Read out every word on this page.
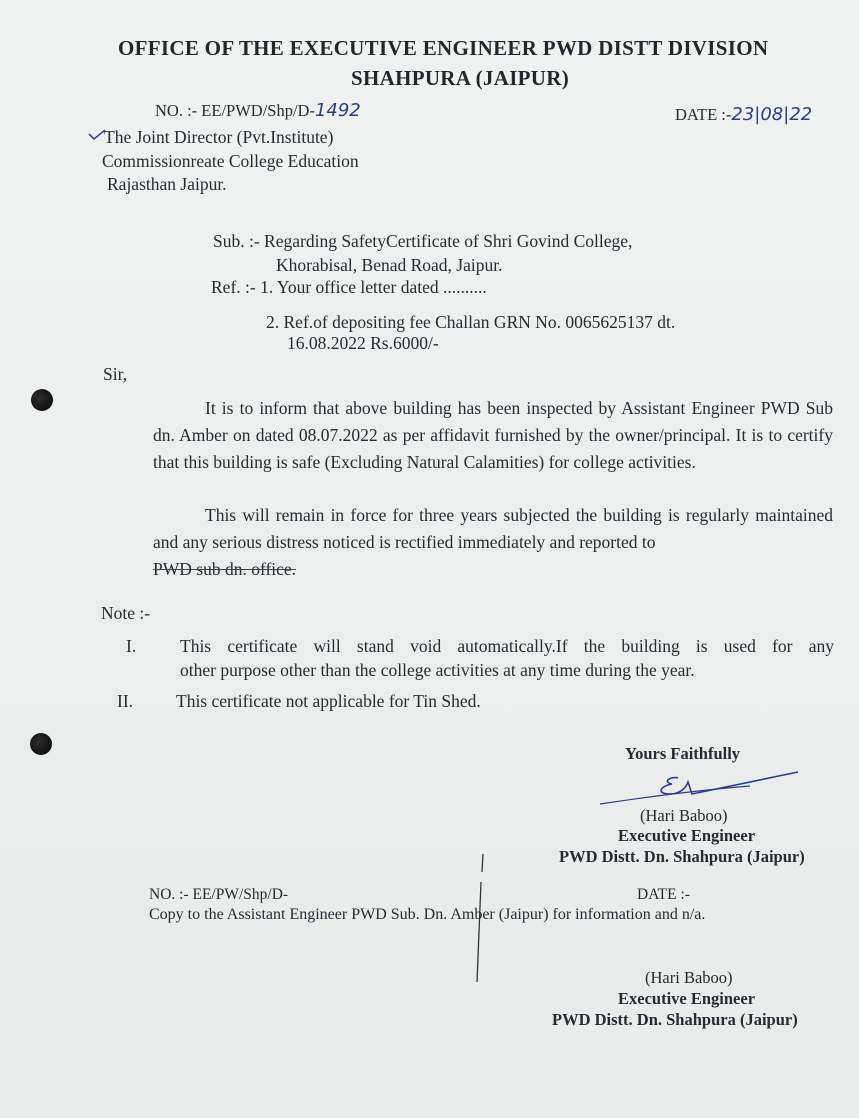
OFFICE OF THE EXECUTIVE ENGINEER PWD DISTT DIVISION
SHAHPURA (JAIPUR)
NO. :- EE/PWD/Shp/D-1492	DATE :-23|08|22
The Joint Director (Pvt.Institute)
Commissionreate College Education
Rajasthan Jaipur.
Sub. :- Regarding SafetyCertificate of Shri Govind College,
Khorabisal, Benad Road, Jaipur.
Ref. :- 1. Your office letter dated ..........
2. Ref.of depositing fee Challan GRN No. 0065625137 dt.
16.08.2022 Rs.6000/-
Sir,
It is to inform that above building has been inspected by Assistant Engineer PWD Sub dn. Amber on dated 08.07.2022 as per affidavit furnished by the owner/principal. It is to certify that this building is safe (Excluding Natural Calamities) for college activities.
This will remain in force for three years subjected the building is regularly maintained and any serious distress noticed is rectified immediately and reported to
PWD sub dn. office.
Note :-
I.	This certificate will stand void automatically.If the building is used for any
other purpose other than the college activities at any time during the year.
II. This certificate not applicable for Tin Shed.
Yours Faithfully
(Hari Baboo)
Executive Engineer
PWD Distt. Dn. Shahpura (Jaipur)
NO. :- EE/PW/Shp/D-	DATE :-
Copy to the Assistant Engineer PWD Sub. Dn. Amber (Jaipur) for information and n/a.
(Hari Baboo)
Executive Engineer
PWD Distt. Dn. Shahpura (Jaipur)
